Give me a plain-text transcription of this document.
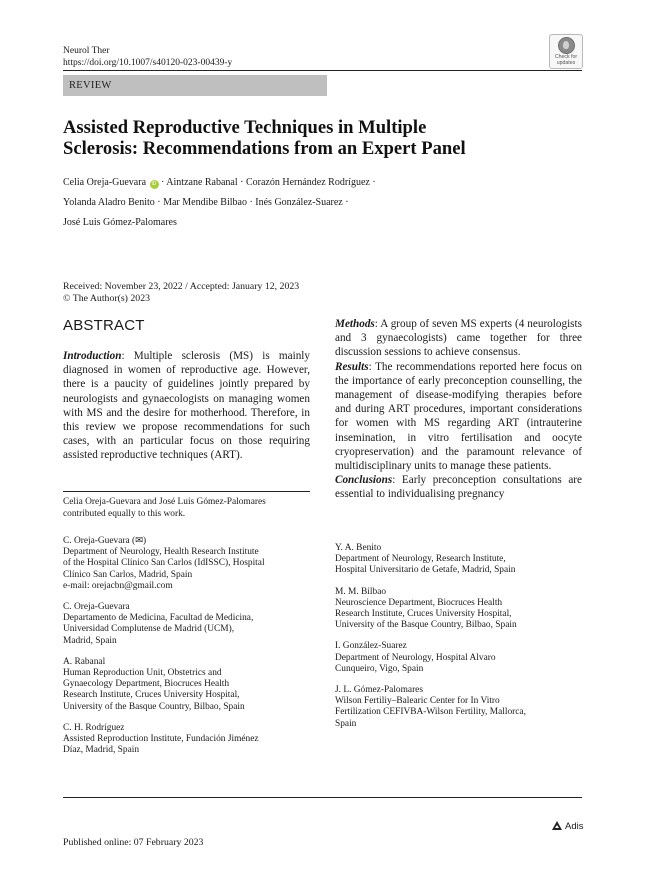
Neurol Ther
https://doi.org/10.1007/s40120-023-00439-y
Check for
updates
REVIEW
Assisted Reproductive Techniques in Multiple
Sclerosis: Recommendations from an Expert Panel
Celia Oreja-Guevara iD · Aintzane Rabanal · Corazón Hernández Rodríguez ·
Yolanda Aladro Benito · Mar Mendibe Bilbao · Inés González-Suarez ·
José Luis Gómez-Palomares
Received: November 23, 2022 / Accepted: January 12, 2023
© The Author(s) 2023
ABSTRACT
Introduction: Multiple sclerosis (MS) is mainly diagnosed in women of reproductive age. However, there is a paucity of guidelines jointly prepared by neurologists and gynaecologists on managing women with MS and the desire for motherhood. Therefore, in this review we propose recommendations for such cases, with an particular focus on those requiring assisted reproductive techniques (ART).
Methods: A group of seven MS experts (4 neurologists and 3 gynaecologists) came together for three discussion sessions to achieve consensus.
Results: The recommendations reported here focus on the importance of early preconception counselling, the management of disease-modifying therapies before and during ART procedures, important considerations for women with MS regarding ART (intrauterine insemination, in vitro fertilisation and oocyte cryopreservation) and the paramount relevance of multidisciplinary units to manage these patients.
Conclusions: Early preconception consultations are essential to individualising pregnancy
Celia Oreja-Guevara and José Luis Gómez-Palomares contributed equally to this work.

C. Oreja-Guevara (✉)
Department of Neurology, Health Research Institute
of the Hospital Clínico San Carlos (IdISSC), Hospital
Clínico San Carlos, Madrid, Spain
e-mail: orejacbn@gmail.com

C. Oreja-Guevara
Departamento de Medicina, Facultad de Medicina,
Universidad Complutense de Madrid (UCM),
Madrid, Spain

A. Rabanal
Human Reproduction Unit, Obstetrics and
Gynaecology Department, Biocruces Health
Research Institute, Cruces University Hospital,
University of the Basque Country, Bilbao, Spain

C. H. Rodríguez
Assisted Reproduction Institute, Fundación Jiménez
Díaz, Madrid, Spain

Y. A. Benito
Department of Neurology, Research Institute,
Hospital Universitario de Getafe, Madrid, Spain

M. M. Bilbao
Neuroscience Department, Biocruces Health
Research Institute, Cruces University Hospital,
University of the Basque Country, Bilbao, Spain

I. González-Suarez
Department of Neurology, Hospital Alvaro
Cunqueiro, Vigo, Spain

J. L. Gómez-Palomares
Wilson Fertiliy–Balearic Center for In Vitro
Fertilization CEFIVBA-Wilson Fertility, Mallorca,
Spain

Adis
Published online: 07 February 2023
